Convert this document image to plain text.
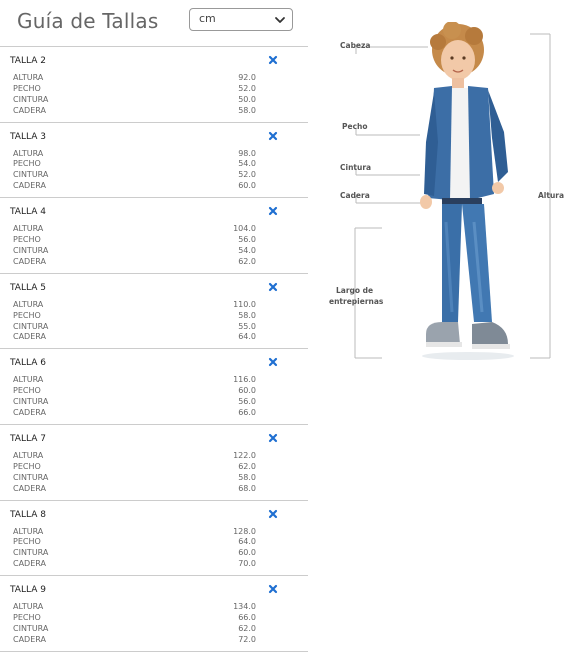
Guía de Tallas	cm
TALLA 2
ALTURA	92.0
PECHO	52.0
CINTURA	50.0
CADERA	58.0
TALLA 3
ALTURA	98.0
PECHO	54.0
CINTURA	52.0
CADERA	60.0
TALLA 4
ALTURA	104.0
PECHO	56.0
CINTURA	54.0
CADERA	62.0
TALLA 5
ALTURA	110.0
PECHO	58.0
CINTURA	55.0
CADERA	64.0
TALLA 6
ALTURA	116.0
PECHO	60.0
CINTURA	56.0
CADERA	66.0
TALLA 7
ALTURA	122.0
PECHO	62.0
CINTURA	58.0
CADERA	68.0
TALLA 8
ALTURA	128.0
PECHO	64.0
CINTURA	60.0
CADERA	70.0
TALLA 9
ALTURA	134.0
PECHO	66.0
CINTURA	62.0
CADERA	72.0
Cabeza
Pecho
Cintura
Cadera	Altura
Largo de
entrepiernas
